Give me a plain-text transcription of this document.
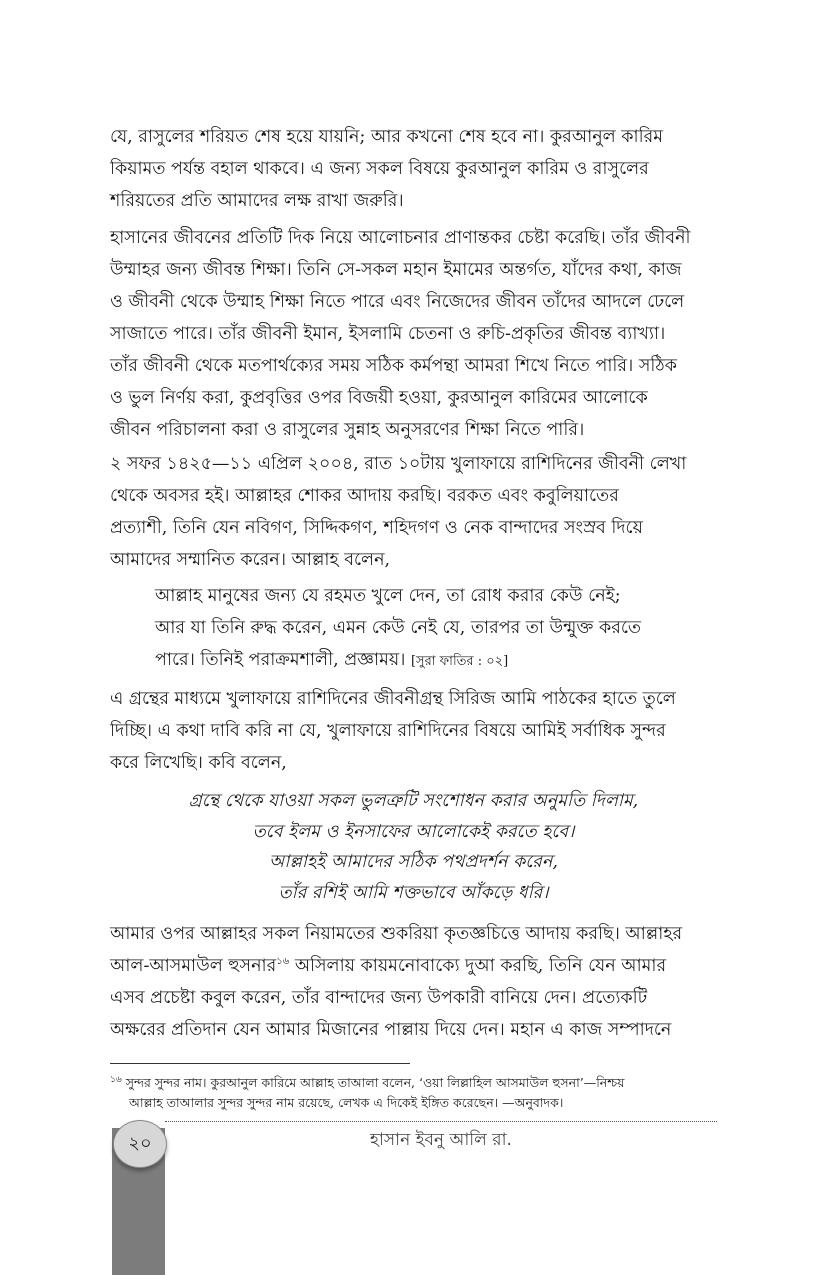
যে, রাসুলের শরিয়ত শেষ হয়ে যায়নি; আর কখনো শেষ হবে না। কুরআনুল কারিম
কিয়ামত পর্যন্ত বহাল থাকবে। এ জন্য সকল বিষয়ে কুরআনুল কারিম ও রাসুলের
শরিয়তের প্রতি আমাদের লক্ষ রাখা জরুরি।
হাসানের জীবনের প্রতিটি দিক নিয়ে আলোচনার প্রাণান্তকর চেষ্টা করেছি। তাঁর জীবনী
উম্মাহর জন্য জীবন্ত শিক্ষা। তিনি সে-সকল মহান ইমামের অন্তর্গত, যাঁদের কথা, কাজ
ও জীবনী থেকে উম্মাহ শিক্ষা নিতে পারে এবং নিজেদের জীবন তাঁদের আদলে ঢেলে
সাজাতে পারে। তাঁর জীবনী ইমান, ইসলামি চেতনা ও রুচি-প্রকৃতির জীবন্ত ব্যাখ্যা।
তাঁর জীবনী থেকে মতপার্থক্যের সময় সঠিক কর্মপন্থা আমরা শিখে নিতে পারি। সঠিক
ও ভুল নির্ণয় করা, কুপ্রবৃত্তির ওপর বিজয়ী হওয়া, কুরআনুল কারিমের আলোকে
জীবন পরিচালনা করা ও রাসুলের সুন্নাহ অনুসরণের শিক্ষা নিতে পারি।
২ সফর ১৪২৫—১১ এপ্রিল ২০০৪, রাত ১০টায় খুলাফায়ে রাশিদিনের জীবনী লেখা
থেকে অবসর হই। আল্লাহর শোকর আদায় করছি। বরকত এবং কবুলিয়াতের
প্রত্যাশী, তিনি যেন নবিগণ, সিদ্দিকগণ, শহিদগণ ও নেক বান্দাদের সংস্রব দিয়ে
আমাদের সম্মানিত করেন। আল্লাহ বলেন,
আল্লাহ মানুষের জন্য যে রহমত খুলে দেন, তা রোধ করার কেউ নেই;
আর যা তিনি রুদ্ধ করেন, এমন কেউ নেই যে, তারপর তা উন্মুক্ত করতে
পারে। তিনিই পরাক্রমশালী, প্রজ্ঞাময়। [সুরা ফাতির : ০২]
এ গ্রন্থের মাধ্যমে খুলাফায়ে রাশিদিনের জীবনীগ্রন্থ সিরিজ আমি পাঠকের হাতে তুলে
দিচ্ছি। এ কথা দাবি করি না যে, খুলাফায়ে রাশিদিনের বিষয়ে আমিই সর্বাধিক সুন্দর
করে লিখেছি। কবি বলেন,
গ্রন্থে থেকে যাওয়া সকল ভুলত্রুটি সংশোধন করার অনুমতি দিলাম,
তবে ইলম ও ইনসাফের আলোকেই করতে হবে।
আল্লাহই আমাদের সঠিক পথপ্রদর্শন করেন,
তাঁর রশিই আমি শক্তভাবে আঁকড়ে ধরি।
আমার ওপর আল্লাহর সকল নিয়ামতের শুকরিয়া কৃতজ্ঞচিত্তে আদায় করছি। আল্লাহর
আল-আসমাউল হুসনার$^{১৬}$ অসিলায় কায়মনোবাক্যে দুআ করছি, তিনি যেন আমার
এসব প্রচেষ্টা কবুল করেন, তাঁর বান্দাদের জন্য উপকারী বানিয়ে দেন। প্রত্যেকটি
অক্ষরের প্রতিদান যেন আমার মিজানের পাল্লায় দিয়ে দেন। মহান এ কাজ সম্পাদনে
$^{১৬}$ সুন্দর সুন্দর নাম। কুরআনুল কারিমে আল্লাহ তাআলা বলেন, ‘ওয়া লিল্লাহিল আসমাউল হুসনা’—নিশ্চয়
আল্লাহ তাআলার সুন্দর সুন্দর নাম রয়েছে, লেখক এ দিকেই ইঙ্গিত করেছেন। —অনুবাদক।
২০	হাসান ইবনু আলি রা.
